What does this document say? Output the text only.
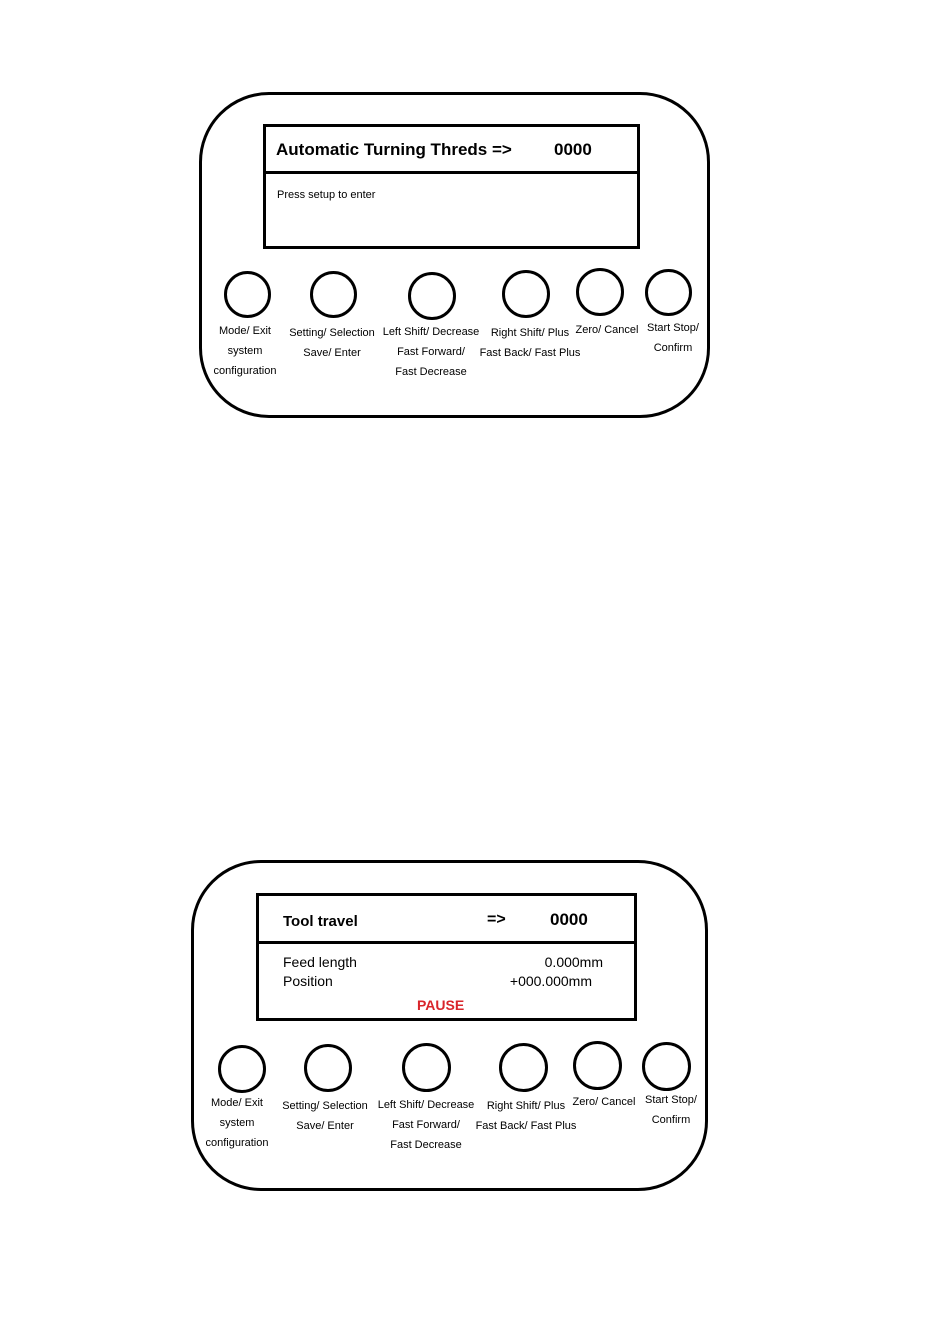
Automatic Turning Threds => 0000
Press setup to enter
Mode/ Exit
system
configuration
Setting/ Selection
Save/ Enter
Left Shift/ Decrease
Fast Forward/
Fast Decrease
Right Shift/ Plus
Fast Back/ Fast Plus
Zero/ Cancel Start Stop/
Confirm
Tool travel	=>	0000
Feed length	0.000mm
Position	+000.000mm
PAUSE
Mode/ Exit
system
configuration
Setting/ Selection
Save/ Enter
Left Shift/ Decrease
Fast Forward/
Fast Decrease
Right Shift/ Plus
Fast Back/ Fast Plus
Zero/ Cancel Start Stop/
Confirm
